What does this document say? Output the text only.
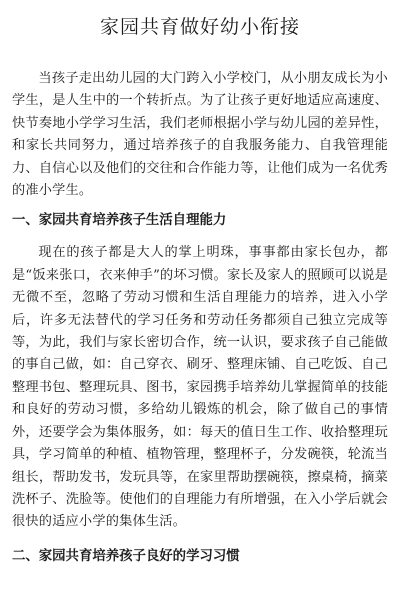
家园共育做好幼小衔接

当孩子走出幼儿园的大门跨入小学校门，从小朋友成长为小学生，是人生中的一个转折点。为了让孩子更好地适应高速度、快节奏地小学学习生活，我们老师根据小学与幼儿园的差异性，和家长共同努力，通过培养孩子的自我服务能力、自我管理能力、自信心以及他们的交往和合作能力等，让他们成为一名优秀的准小学生。

一、家园共育培养孩子生活自理能力

现在的孩子都是大人的掌上明珠，事事都由家长包办，都是“饭来张口，衣来伸手”的坏习惯。家长及家人的照顾可以说是无微不至，忽略了劳动习惯和生活自理能力的培养，进入小学后，许多无法替代的学习任务和劳动任务都须自己独立完成等等，为此，我们与家长密切合作，统一认识，要求孩子自己能做的事自己做，如：自己穿衣、刷牙、整理床铺、自己吃饭、自己整理书包、整理玩具、图书，家园携手培养幼儿掌握简单的技能和良好的劳动习惯，多给幼儿锻炼的机会，除了做自己的事情外，还要学会为集体服务，如：每天的值日生工作、收拾整理玩具，学习简单的种植、植物管理，整理杯子，分发碗筷，轮流当组长，帮助发书，发玩具等，在家里帮助摆碗筷，擦桌椅，摘菜洗杯子、洗脸等。使他们的自理能力有所增强，在入小学后就会很快的适应小学的集体生活。

二、家园共育培养孩子良好的学习习惯
